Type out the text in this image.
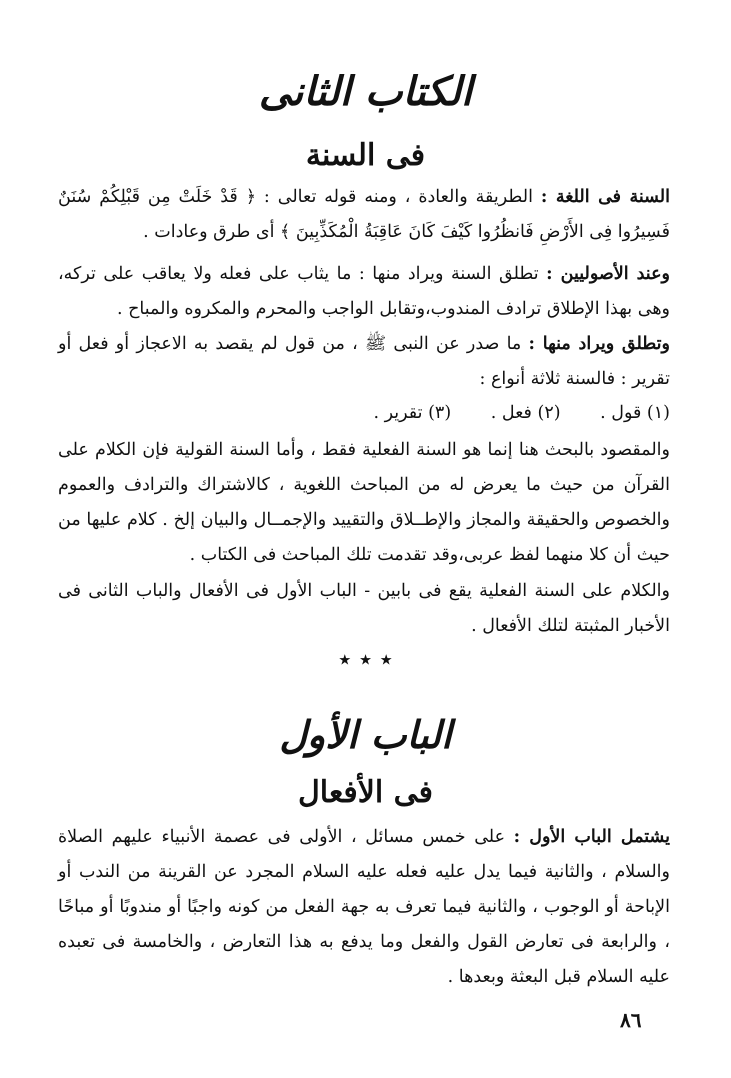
الكتاب الثانى
فى السنة
السنة فى اللغة : الطريقة والعادة ، ومنه قوله تعالى : ﴿ قَدْ خَلَتْ مِن قَبْلِكُمْ سُنَنٌ فَسِيرُوا فِى الأَرْضِ فَانظُرُوا كَيْفَ كَانَ عَاقِبَةُ الْمُكَذِّبِينَ ﴾ أى طرق وعادات .
وعند الأصوليين : تطلق السنة ويراد منها : ما يثاب على فعله ولا يعاقب على تركه، وهى بهذا الإطلاق ترادف المندوب،وتقابل الواجب والمحرم والمكروه والمباح .
وتطلق ويراد منها : ما صدر عن النبى ﷺ ، من قول لم يقصد به الاعجاز أو فعل أو تقرير : فالسنة ثلاثة أنواع :
(١) قول . (٢) فعل . (٣) تقرير .
والمقصود بالبحث هنا إنما هو السنة الفعلية فقط ، وأما السنة القولية فإن الكلام على القرآن من حيث ما يعرض له من المباحث اللغوية ، كالاشتراك والترادف والعموم والخصوص والحقيقة والمجاز والإطــلاق والتقييد والإجمــال والبيان إلخ . كلام عليها من حيث أن كلا منهما لفظ عربى،وقد تقدمت تلك المباحث فى الكتاب .
والكلام على السنة الفعلية يقع فى بابين - الباب الأول فى الأفعال والباب الثانى فى الأخبار المثبتة لتلك الأفعال .
٭ ٭ ٭
الباب الأول
فى الأفعال
يشتمل الباب الأول : على خمس مسائل ، الأولى فى عصمة الأنبياء عليهم الصلاة والسلام ، والثانية فيما يدل عليه فعله عليه السلام المجرد عن القرينة من الندب أو الإباحة أو الوجوب ، والثانية فيما تعرف به جهة الفعل من كونه واجبًا أو مندوبًا أو مباحًا ، والرابعة فى تعارض القول والفعل وما يدفع به هذا التعارض ، والخامسة فى تعبده عليه السلام قبل البعثة وبعدها .
٨٦
